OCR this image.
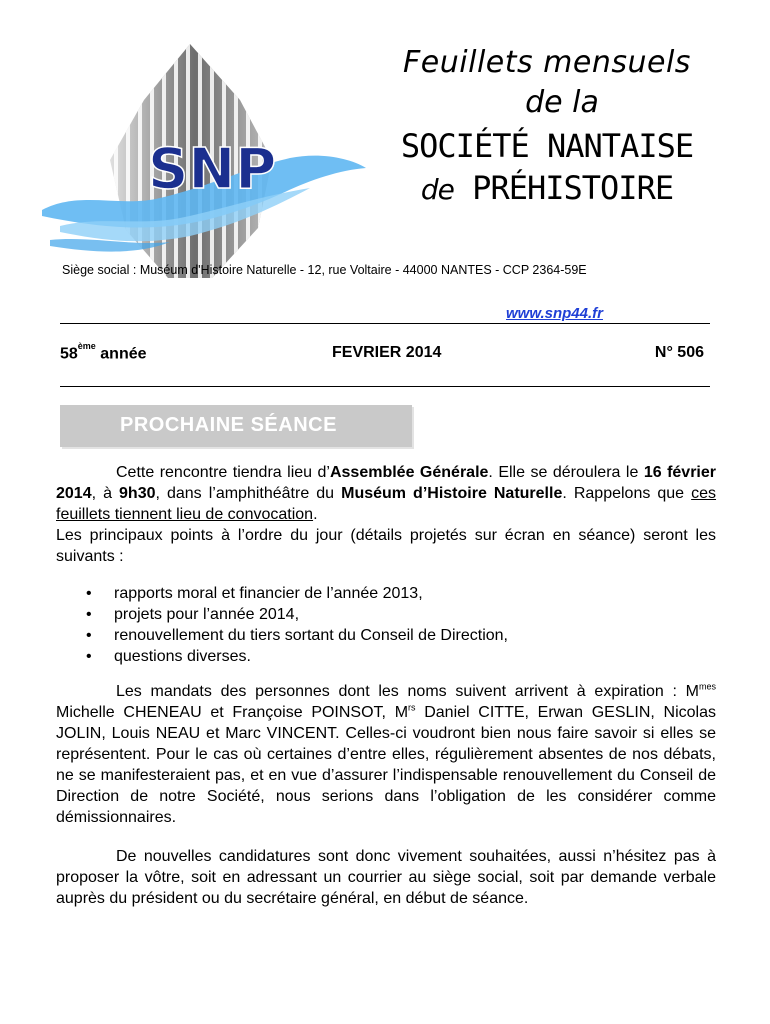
SNP
Feuillets mensuels
de la
SOCIÉTÉ NANTAISE
de PRÉHISTOIRE
Siège social : Muséum d'Histoire Naturelle - 12, rue Voltaire - 44000 NANTES - CCP 2364-59E
www.snp44.fr
58ème année	FEVRIER 2014	N° 506
PROCHAINE SÉANCE

Cette rencontre tiendra lieu d’Assemblée Générale. Elle se déroulera le 16 février 2014, à 9h30, dans l’amphithéâtre du Muséum d’Histoire Naturelle. Rappelons que ces feuillets tiennent lieu de convocation.

Les principaux points à l’ordre du jour (détails projetés sur écran en séance) seront les suivants :

• rapports moral et financier de l’année 2013,
• projets pour l’année 2014,
• renouvellement du tiers sortant du Conseil de Direction,
• questions diverses.

Les mandats des personnes dont les noms suivent arrivent à expiration : $M^{mes}$ Michelle CHENEAU et Françoise POINSOT, $M^{rs}$ Daniel CITTE, Erwan GESLIN, Nicolas JOLIN, Louis NEAU et Marc VINCENT. Celles-ci voudront bien nous faire savoir si elles se représentent. Pour le cas où certaines d’entre elles, régulièrement absentes de nos débats, ne se manifesteraient pas, et en vue d’assurer l’indispensable renouvellement du Conseil de Direction de notre Société, nous serions dans l’obligation de les considérer comme démissionnaires.

De nouvelles candidatures sont donc vivement souhaitées, aussi n’hésitez pas à proposer la vôtre, soit en adressant un courrier au siège social, soit par demande verbale auprès du président ou du secrétaire général, en début de séance.
